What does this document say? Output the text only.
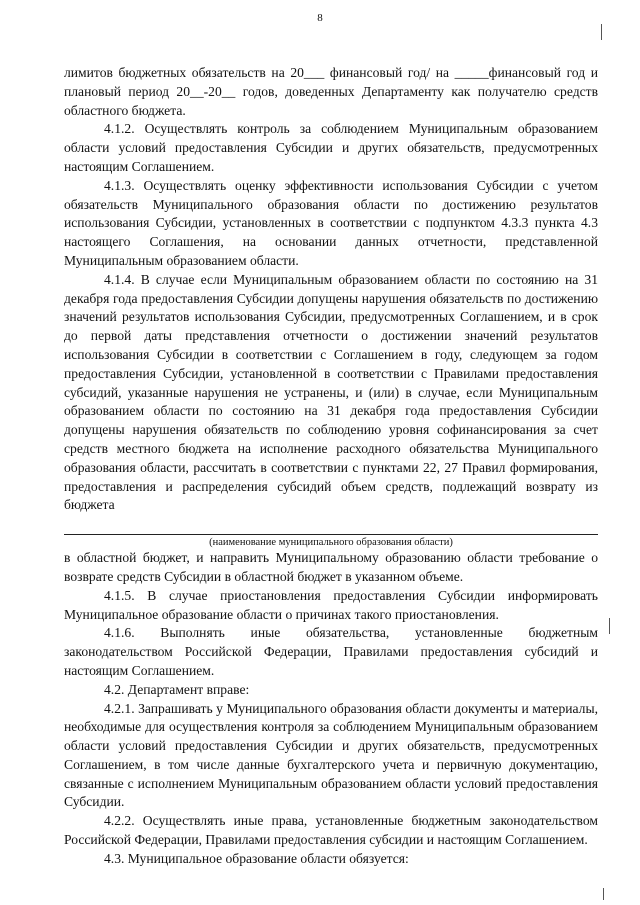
8

лимитов бюджетных обязательств на 20___ финансовый год/ на _____финансовый год и плановый период 20__-20__ годов, доведенных Департаменту как получателю средств областного бюджета.

4.1.2. Осуществлять контроль за соблюдением Муниципальным образованием области условий предоставления Субсидии и других обязательств, предусмотренных настоящим Соглашением.

4.1.3. Осуществлять оценку эффективности использования Субсидии с учетом обязательств Муниципального образования области по достижению результатов использования Субсидии, установленных в соответствии с подпунктом 4.3.3 пункта 4.3 настоящего Соглашения, на основании данных отчетности, представленной Муниципальным образованием области.

4.1.4. В случае если Муниципальным образованием области по состоянию на 31 декабря года предоставления Субсидии допущены нарушения обязательств по достижению значений результатов использования Субсидии, предусмотренных Соглашением, и в срок до первой даты представления отчетности о достижении значений результатов использования Субсидии в соответствии с Соглашением в году, следующем за годом предоставления Субсидии, установленной в соответствии с Правилами предоставления субсидий, указанные нарушения не устранены, и (или) в случае, если Муниципальным образованием области по состоянию на 31 декабря года предоставления Субсидии допущены нарушения обязательств по соблюдению уровня софинансирования за счет средств местного бюджета на исполнение расходного обязательства Муниципального образования области, рассчитать в соответствии с пунктами 22, 27 Правил формирования, предоставления и распределения субсидий объем средств, подлежащий возврату из бюджета

(наименование муниципального образования области)

в областной бюджет, и направить Муниципальному образованию области требование о возврате средств Субсидии в областной бюджет в указанном объеме.

4.1.5. В случае приостановления предоставления Субсидии информировать Муниципальное образование области о причинах такого приостановления.

4.1.6. Выполнять иные обязательства, установленные бюджетным законодательством Российской Федерации, Правилами предоставления субсидий и настоящим Соглашением.

4.2. Департамент вправе:

4.2.1. Запрашивать у Муниципального образования области документы и материалы, необходимые для осуществления контроля за соблюдением Муниципальным образованием области условий предоставления Субсидии и других обязательств, предусмотренных Соглашением, в том числе данные бухгалтерского учета и первичную документацию, связанные с исполнением Муниципальным образованием области условий предоставления Субсидии.

4.2.2. Осуществлять иные права, установленные бюджетным законодательством Российской Федерации, Правилами предоставления субсидии и настоящим Соглашением.

4.3. Муниципальное образование области обязуется:
